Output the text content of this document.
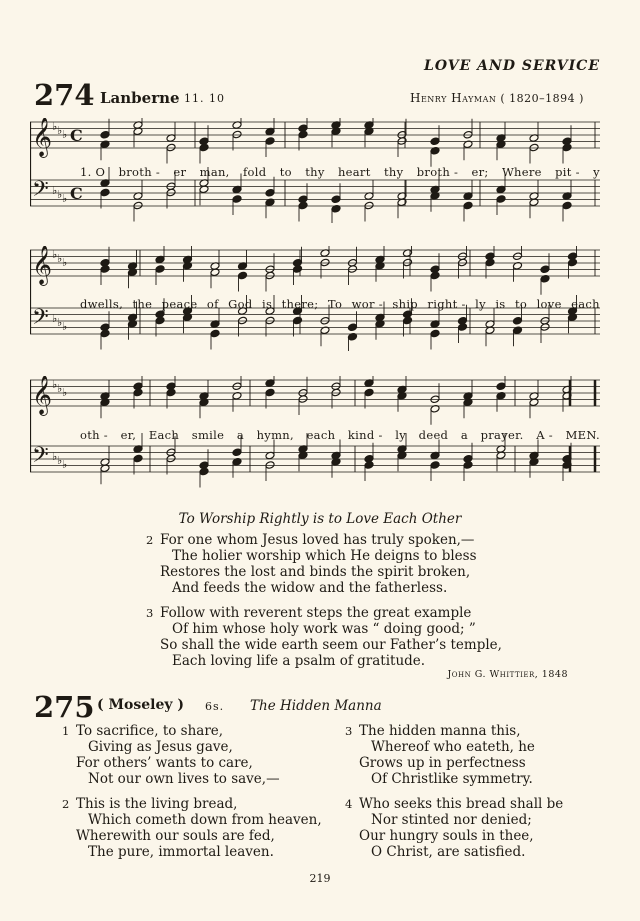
LOVE AND SERVICE
274 Lanberne 11. 10	Henry Hayman ( 1820–1894 )
𝄞 ♭ ♭ ♭ C
𝄢 ♭ ♭ ♭ C
1. O broth - er man, fold to thy heart thy broth - er; Where pit - y
𝄞 ♭ ♭ ♭
𝄢 ♭ ♭ ♭
dwells, the peace of God is there; To wor - ship right - ly is to love each
𝄞 ♭ ♭ ♭
𝄢 ♭ ♭ ♭
oth - er, Each smile a hymn, each kind - ly deed a prayer. A - MEN.
To Worship Rightly is to Love Each Other
2 For one whom Jesus loved has truly spoken,—
The holier worship which He deigns to bless
Restores the lost and binds the spirit broken,
And feeds the widow and the fatherless.
3 Follow with reverent steps the great example
Of him whose holy work was “ doing good; ”
So shall the wide earth seem our Father’s temple,
Each loving life a psalm of gratitude.
John G. Whittier, 1848
275 ( Moseley ) 6s. The Hidden Manna
1 To sacrifice, to share,
Giving as Jesus gave,
For others’ wants to care,
Not our own lives to save,—
2 This is the living bread,
Which cometh down from heaven,
Wherewith our souls are fed,
The pure, immortal leaven.
3 The hidden manna this,
Whereof who eateth, he
Grows up in perfectness
Of Christlike symmetry.
4 Who seeks this bread shall be
Nor stinted nor denied;
Our hungry souls in thee,
O Christ, are satisfied.
219
